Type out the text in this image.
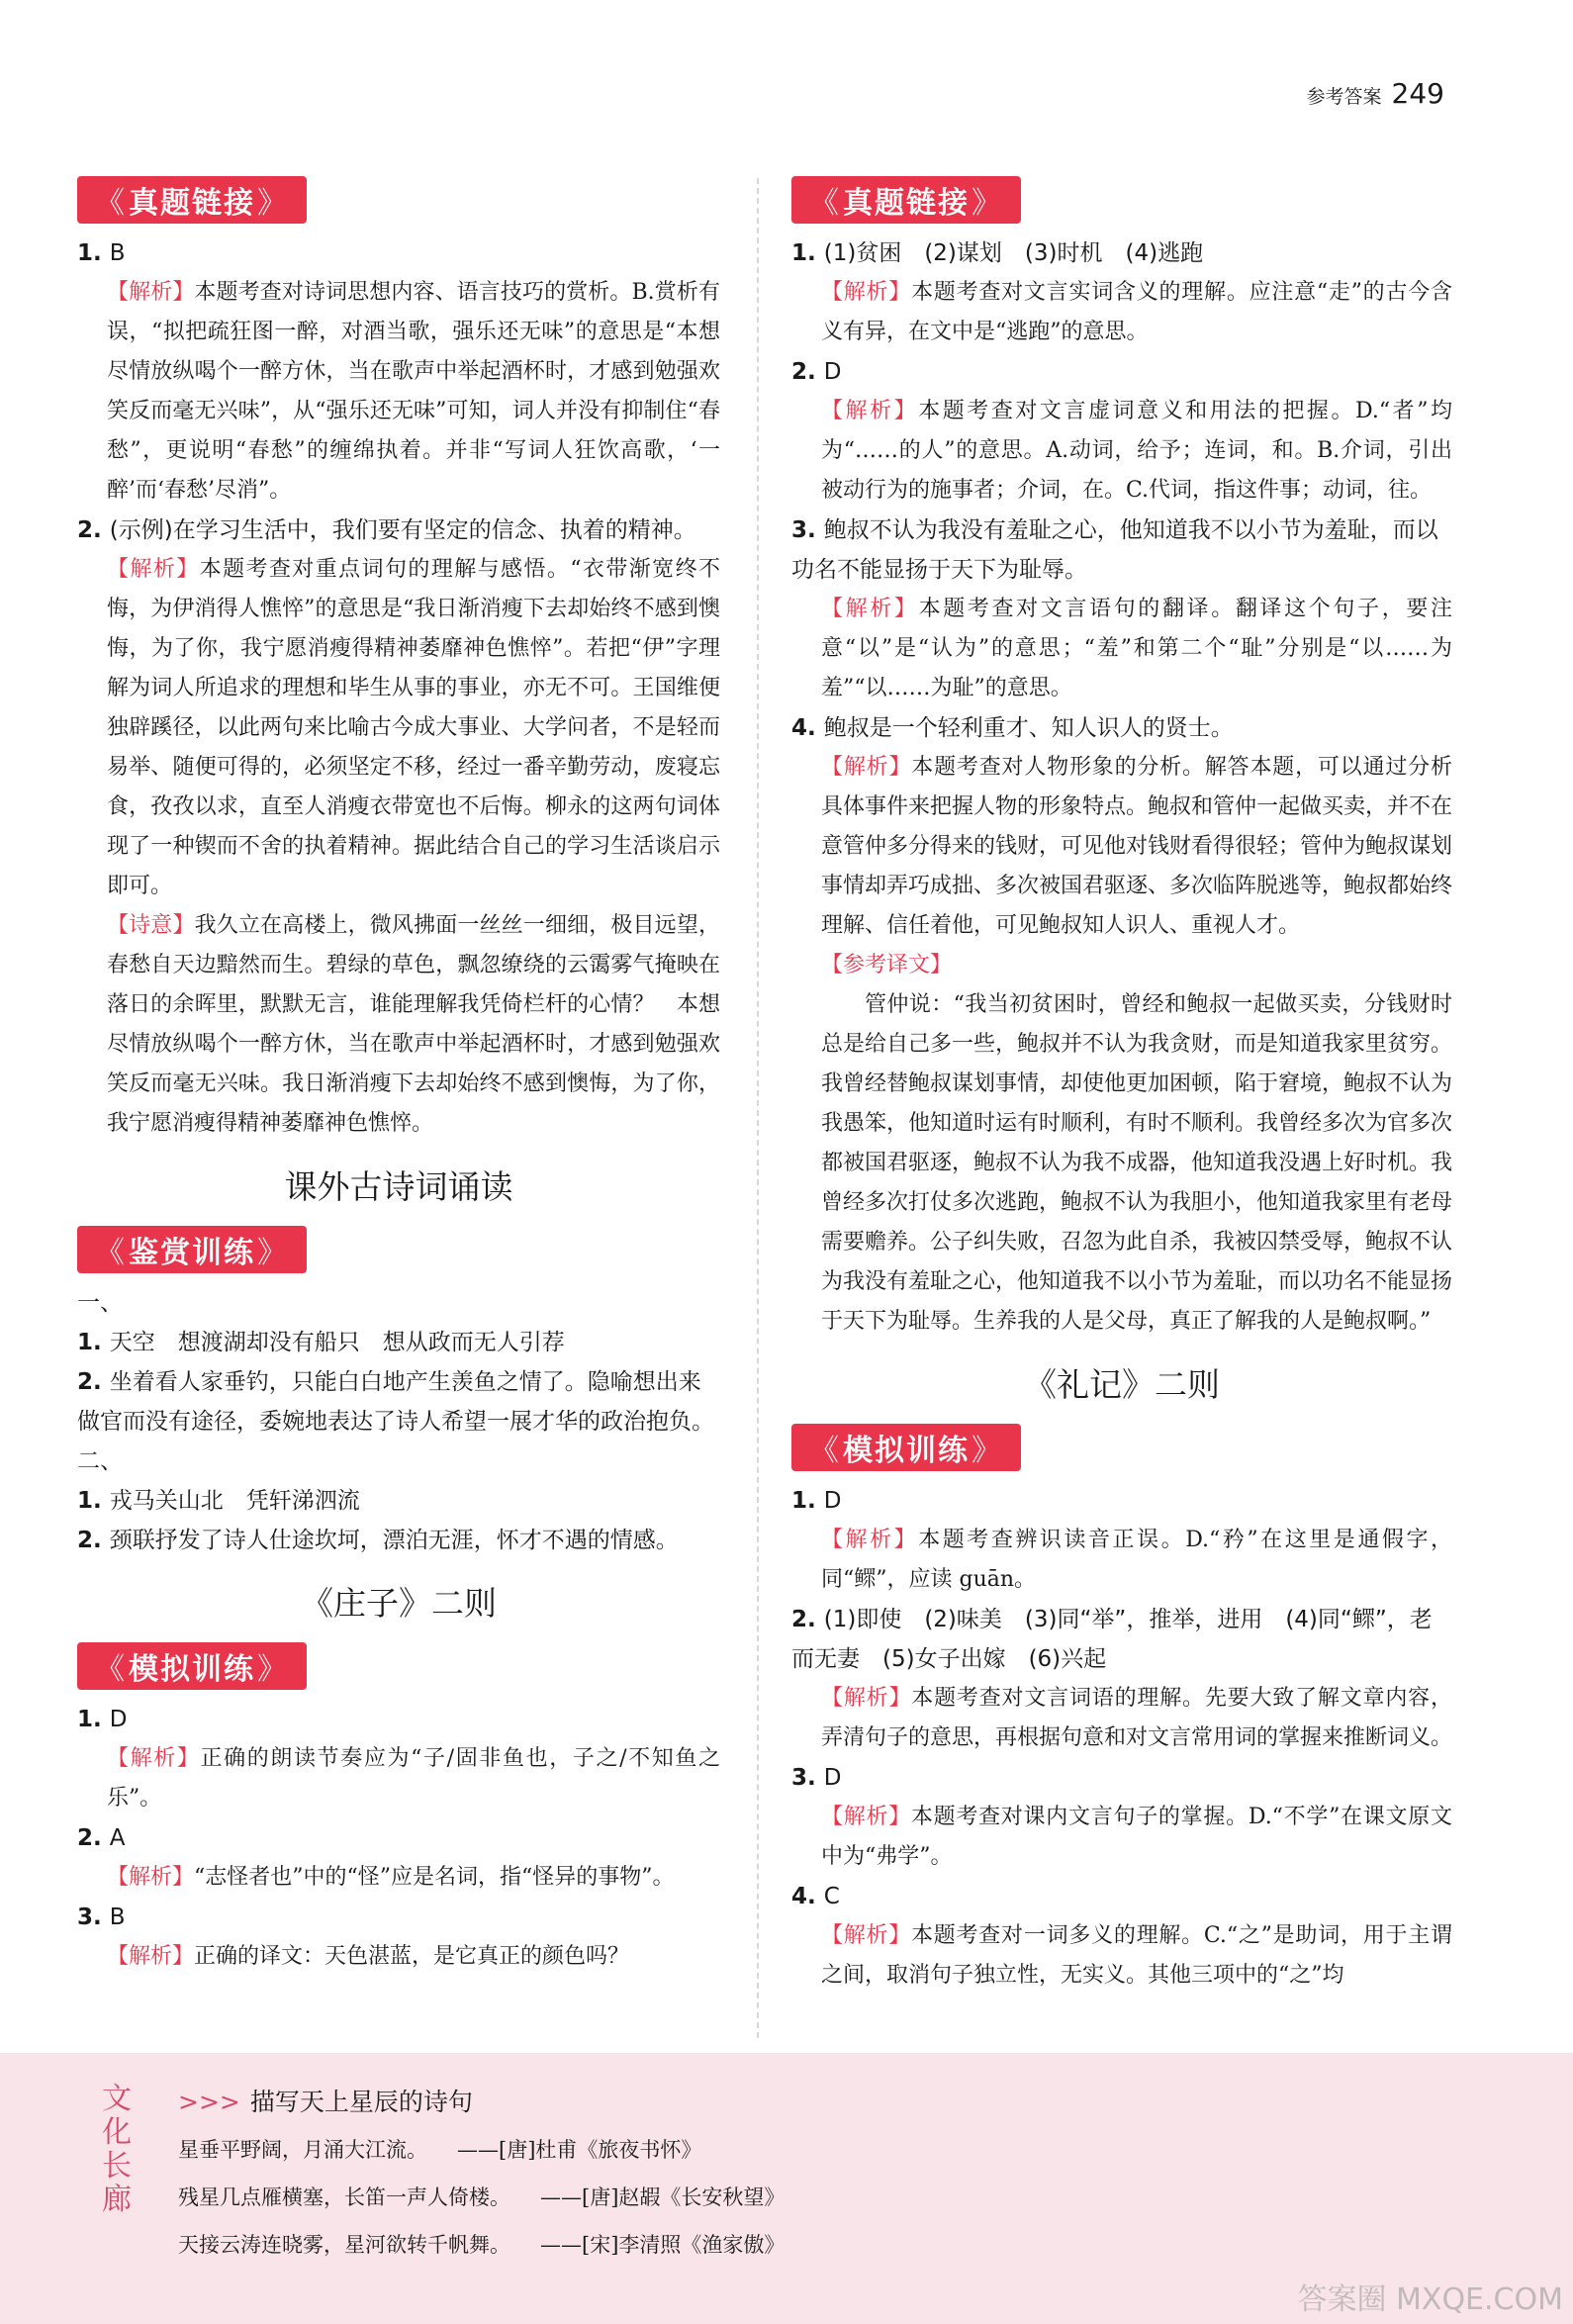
参考答案 249
《 真题链接 》
1. B
【解析】本题考查对诗词思想内容、语言技巧的赏析。B.赏析有误，“拟把疏狂图一醉，对酒当歌，强乐还无味”的意思是“本想尽情放纵喝个一醉方休，当在歌声中举起酒杯时，才感到勉强欢笑反而毫无兴味”，从“强乐还无味”可知，词人并没有抑制住“春愁”，更说明“春愁”的缠绵执着。并非“写词人狂饮高歌，‘一醉’而‘春愁’尽消”。
2. (示例)在学习生活中，我们要有坚定的信念、执着的精神。
【解析】本题考查对重点词句的理解与感悟。“衣带渐宽终不悔，为伊消得人憔悴”的意思是“我日渐消瘦下去却始终不感到懊悔，为了你，我宁愿消瘦得精神萎靡神色憔悴”。若把“伊”字理解为词人所追求的理想和毕生从事的事业，亦无不可。王国维便独辟蹊径，以此两句来比喻古今成大事业、大学问者，不是轻而易举、随便可得的，必须坚定不移，经过一番辛勤劳动，废寝忘食，孜孜以求，直至人消瘦衣带宽也不后悔。柳永的这两句词体现了一种锲而不舍的执着精神。据此结合自己的学习生活谈启示即可。
【诗意】我久立在高楼上，微风拂面一丝丝一细细，极目远望，春愁自天边黯然而生。碧绿的草色，飘忽缭绕的云霭雾气掩映在落日的余晖里，默默无言，谁能理解我凭倚栏杆的心情？　本想尽情放纵喝个一醉方休，当在歌声中举起酒杯时，才感到勉强欢笑反而毫无兴味。我日渐消瘦下去却始终不感到懊悔，为了你，我宁愿消瘦得精神萎靡神色憔悴。
课外古诗词诵读
《 鉴赏训练 》
一、
1. 天空　想渡湖却没有船只　想从政而无人引荐
2. 坐着看人家垂钓，只能白白地产生羡鱼之情了。隐喻想出来做官而没有途径，委婉地表达了诗人希望一展才华的政治抱负。
二、
1. 戎马关山北　凭轩涕泗流
2. 颈联抒发了诗人仕途坎坷，漂泊无涯，怀才不遇的情感。
《庄子》二则
《 模拟训练 》
1. D
【解析】正确的朗读节奏应为“子/固非鱼也，子之/不知鱼之乐”。
2. A
【解析】“志怪者也”中的“怪”应是名词，指“怪异的事物”。
3. B
【解析】正确的译文：天色湛蓝，是它真正的颜色吗？
《 真题链接 》
1. (1)贫困　(2)谋划　(3)时机　(4)逃跑
【解析】本题考查对文言实词含义的理解。应注意“走”的古今含义有异，在文中是“逃跑”的意思。
2. D
【解析】本题考查对文言虚词意义和用法的把握。D.“者”均为“……的人”的意思。A.动词，给予；连词，和。B.介词，引出被动行为的施事者；介词，在。C.代词，指这件事；动词，往。
3. 鲍叔不认为我没有羞耻之心，他知道我不以小节为羞耻，而以功名不能显扬于天下为耻辱。
【解析】本题考查对文言语句的翻译。翻译这个句子，要注意“以”是“认为”的意思；“羞”和第二个“耻”分别是“以……为羞”“以……为耻”的意思。
4. 鲍叔是一个轻利重才、知人识人的贤士。
【解析】本题考查对人物形象的分析。解答本题，可以通过分析具体事件来把握人物的形象特点。鲍叔和管仲一起做买卖，并不在意管仲多分得来的钱财，可见他对钱财看得很轻；管仲为鲍叔谋划事情却弄巧成拙、多次被国君驱逐、多次临阵脱逃等，鲍叔都始终理解、信任着他，可见鲍叔知人识人、重视人才。
【参考译文】
管仲说：“我当初贫困时，曾经和鲍叔一起做买卖，分钱财时总是给自己多一些，鲍叔并不认为我贪财，而是知道我家里贫穷。我曾经替鲍叔谋划事情，却使他更加困顿，陷于窘境，鲍叔不认为我愚笨，他知道时运有时顺利，有时不顺利。我曾经多次为官多次都被国君驱逐，鲍叔不认为我不成器，他知道我没遇上好时机。我曾经多次打仗多次逃跑，鲍叔不认为我胆小，他知道我家里有老母需要赡养。公子纠失败，召忽为此自杀，我被囚禁受辱，鲍叔不认为我没有羞耻之心，他知道我不以小节为羞耻，而以功名不能显扬于天下为耻辱。生养我的人是父母，真正了解我的人是鲍叔啊。”
《礼记》二则
《 模拟训练 》
1. D
【解析】本题考查辨识读音正误。D.“矜”在这里是通假字，同“鳏”，应读 guān。
2. (1)即使　(2)味美　(3)同“举”，推举，进用　(4)同“鳏”，老而无妻　(5)女子出嫁　(6)兴起
【解析】本题考查对文言词语的理解。先要大致了解文章内容，弄清句子的意思，再根据句意和对文言常用词的掌握来推断词义。
3. D
【解析】本题考查对课内文言句子的掌握。D.“不学”在课文原文中为“弗学”。
4. C
【解析】本题考查对一词多义的理解。C.“之”是助词，用于主谓之间，取消句子独立性，无实义。其他三项中的“之”均
文化长廊
>>> 描写天上星辰的诗句
星垂平野阔，月涌大江流。 ——[唐]杜甫《旅夜书怀》
残星几点雁横塞，长笛一声人倚楼。 ——[唐]赵嘏《长安秋望》
天接云涛连晓雾，星河欲转千帆舞。 ——[宋]李清照《渔家傲》
答案圈 MXQE.COM
